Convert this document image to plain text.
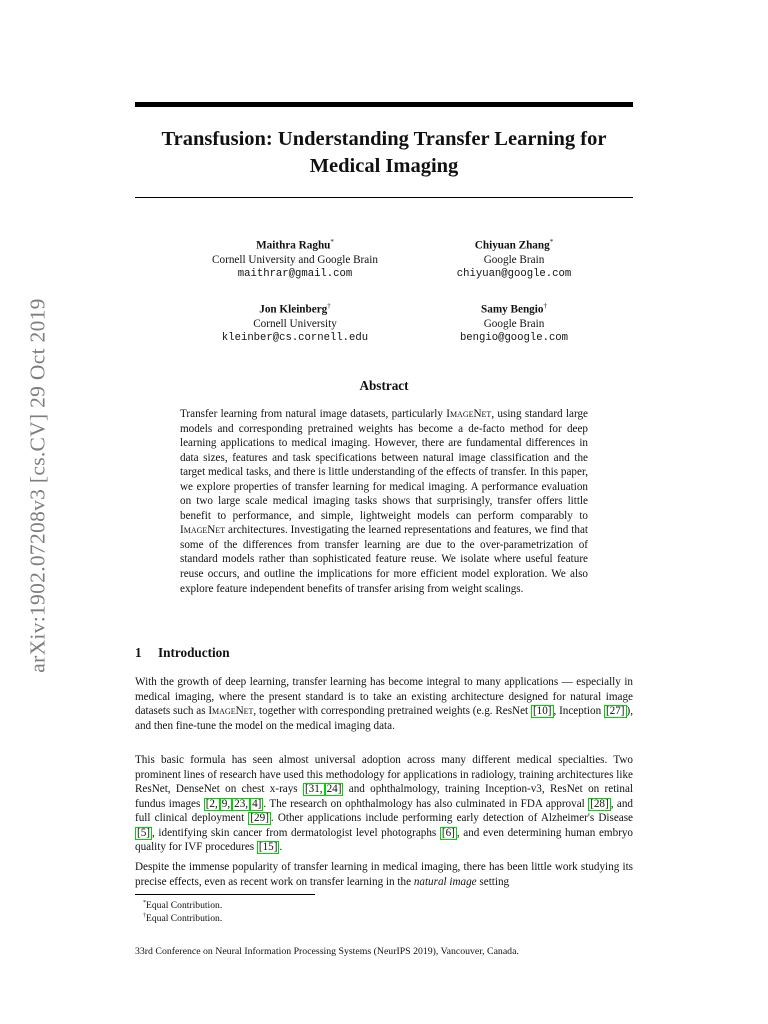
arXiv:1902.07208v3 [cs.CV] 29 Oct 2019
Transfusion: Understanding Transfer Learning for Medical Imaging
Maithra Raghu*
Cornell University and Google Brain
maithrar@gmail.com
Chiyuan Zhang*
Google Brain
chiyuan@google.com
Jon Kleinberg†
Cornell University
kleinber@cs.cornell.edu
Samy Bengio†
Google Brain
bengio@google.com
Abstract
Transfer learning from natural image datasets, particularly ImageNet, using standard large models and corresponding pretrained weights has become a de-facto method for deep learning applications to medical imaging. However, there are fundamental differences in data sizes, features and task specifications between natural image classification and the target medical tasks, and there is little understanding of the effects of transfer. In this paper, we explore properties of transfer learning for medical imaging. A performance evaluation on two large scale medical imaging tasks shows that surprisingly, transfer offers little benefit to performance, and simple, lightweight models can perform comparably to ImageNet architectures. Investigating the learned representations and features, we find that some of the differences from transfer learning are due to the over-parametrization of standard models rather than sophisticated feature reuse. We isolate where useful feature reuse occurs, and outline the implications for more efficient model exploration. We also explore feature independent benefits of transfer arising from weight scalings.
1 Introduction
With the growth of deep learning, transfer learning has become integral to many applications — especially in medical imaging, where the present standard is to take an existing architecture designed for natural image datasets such as ImageNet, together with corresponding pretrained weights (e.g. ResNet [10] , Inception [27] ), and then fine-tune the model on the medical imaging data.
This basic formula has seen almost universal adoption across many different medical specialties. Two prominent lines of research have used this methodology for applications in radiology, training architectures like ResNet, DenseNet on chest x-rays [31, 24] and ophthalmology, training Inception-v3, ResNet on retinal fundus images [2, 9, 23, 4] . The research on ophthalmology has also culminated in FDA approval [28] , and full clinical deployment [29] . Other applications include performing early detection of Alzheimer's Disease [5] , identifying skin cancer from dermatologist level photographs [6] , and even determining human embryo quality for IVF procedures [15] .
Despite the immense popularity of transfer learning in medical imaging, there has been little work studying its precise effects, even as recent work on transfer learning in the natural image setting
*Equal Contribution.
†Equal Contribution.
33rd Conference on Neural Information Processing Systems (NeurIPS 2019), Vancouver, Canada.
